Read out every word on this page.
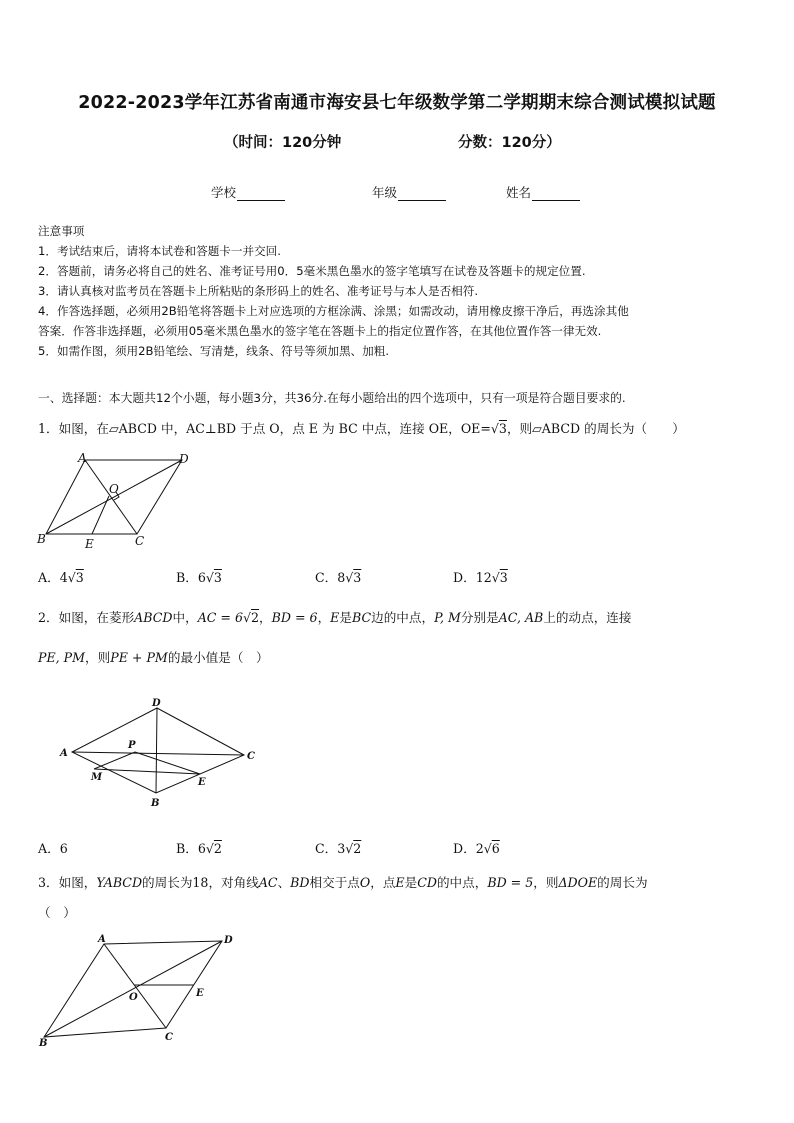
2022-2023学年江苏省南通市海安县七年级数学第二学期期末综合测试模拟试题
（时间：120分钟	分数：120分）
学校	年级	姓名
注意事项
1．考试结束后，请将本试卷和答题卡一并交回.
2．答题前，请务必将自己的姓名、准考证号用0．5毫米黑色墨水的签字笔填写在试卷及答题卡的规定位置.
3．请认真核对监考员在答题卡上所粘贴的条形码上的姓名、准考证号与本人是否相符.
4．作答选择题，必须用2B铅笔将答题卡上对应选项的方框涂满、涂黑；如需改动，请用橡皮擦干净后，再选涂其他
答案．作答非选择题，必须用05毫米黑色墨水的签字笔在答题卡上的指定位置作答，在其他位置作答一律无效.
5．如需作图，须用2B铅笔绘、写清楚，线条、符号等须加黑、加粗.
一、选择题：本大题共12个小题，每小题3分，共36分.在每小题给出的四个选项中，只有一项是符合题目要求的.
1．如图，在▱ABCD 中，AC⊥BD 于点 O，点 E 为 BC 中点，连接 OE，OE=√3，则▱ABCD 的周长为（　　）
A	D
O
B	E	C
A．4√3	B．6√3	C．8√3	D．12√3
2．如图，在菱形ABCD中，AC = 6√2，BD = 6，E是BC边的中点，P, M分别是AC, AB上的动点，连接
PE, PM，则PE + PM的最小值是（　）
D
A
P
C
M	E
B
A．6	B．6√2	C．3√2	D．2√6
3．如图，YABCD的周长为18，对角线AC、BD相交于点O，点E是CD的中点，BD = 5，则ΔDOE的周长为
（　）
A	D
O	E
B
C
